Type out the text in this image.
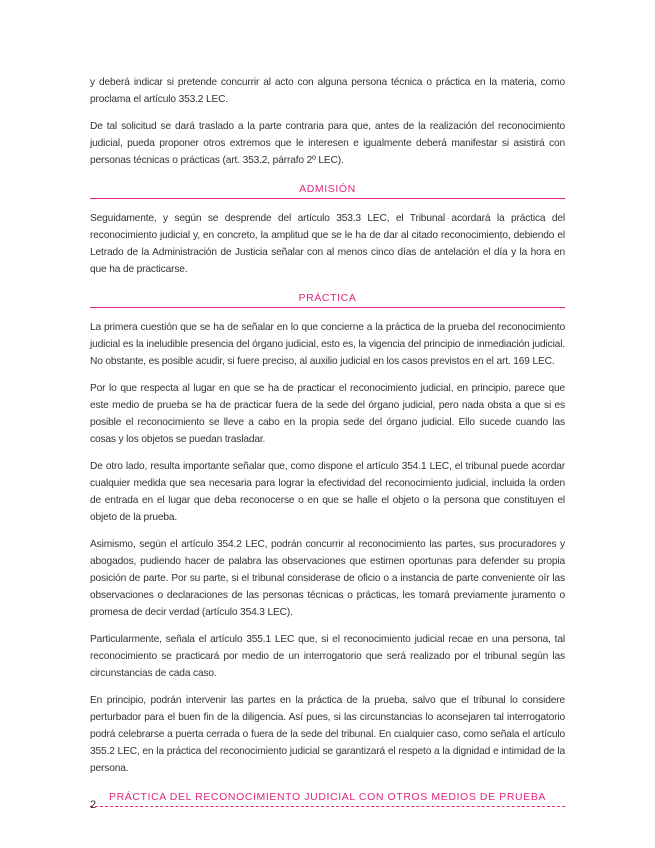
y deberá indicar si pretende concurrir al acto con alguna persona técnica o práctica en la materia, como proclama el artículo 353.2 LEC.

De tal solicitud se dará traslado a la parte contraria para que, antes de la realización del reconocimiento judicial, pueda proponer otros extremos que le interesen e igualmente deberá manifestar si asistirá con personas técnicas o prácticas (art. 353.2, párrafo 2º LEC).

ADMISIÓN

Seguidamente, y según se desprende del artículo 353.3 LEC, el Tribunal acordará la práctica del reconocimiento judicial y, en concreto, la amplitud que se le ha de dar al citado reconocimiento, debiendo el Letrado de la Administración de Justicia señalar con al menos cinco días de antelación el día y la hora en que ha de practicarse.

PRÁCTICA

La primera cuestión que se ha de señalar en lo que concierne a la práctica de la prueba del reconocimiento judicial es la ineludible presencia del órgano judicial, esto es, la vigencia del principio de inmediación judicial. No obstante, es posible acudir, si fuere preciso, al auxilio judicial en los casos previstos en el art. 169 LEC.

Por lo que respecta al lugar en que se ha de practicar el reconocimiento judicial, en principio, parece que este medio de prueba se ha de practicar fuera de la sede del órgano judicial, pero nada obsta a que si es posible el reconocimiento se lleve a cabo en la propia sede del órgano judicial. Ello sucede cuando las cosas y los objetos se puedan trasladar.

De otro lado, resulta importante señalar que, como dispone el artículo 354.1 LEC, el tribunal puede acordar cualquier medida que sea necesaria para lograr la efectividad del reconocimiento judicial, incluida la orden de entrada en el lugar que deba reconocerse o en que se halle el objeto o la persona que constituyen el objeto de la prueba.

Asimismo, según el artículo 354.2 LEC, podrán concurrir al reconocimiento las partes, sus procuradores y abogados, pudiendo hacer de palabra las observaciones que estimen oportunas para defender su propia posición de parte. Por su parte, si el tribunal considerase de oficio o a instancia de parte conveniente oír las observaciones o declaraciones de las personas técnicas o prácticas, les tomará previamente juramento o promesa de decir verdad (artículo 354.3 LEC).

Particularmente, señala el artículo 355.1 LEC que, si el reconocimiento judicial recae en una persona, tal reconocimiento se practicará por medio de un interrogatorio que será realizado por el tribunal según las circunstancias de cada caso.

En principio, podrán intervenir las partes en la práctica de la prueba, salvo que el tribunal lo considere perturbador para el buen fin de la diligencia. Así pues, si las circunstancias lo aconsejaren tal interrogatorio podrá celebrarse a puerta cerrada o fuera de la sede del tribunal. En cualquier caso, como señala el artículo 355.2 LEC, en la práctica del reconocimiento judicial se garantizará el respeto a la dignidad e intimidad de la persona.

PRÁCTICA DEL RECONOCIMIENTO JUDICIAL CON OTROS MEDIOS DE PRUEBA
2
